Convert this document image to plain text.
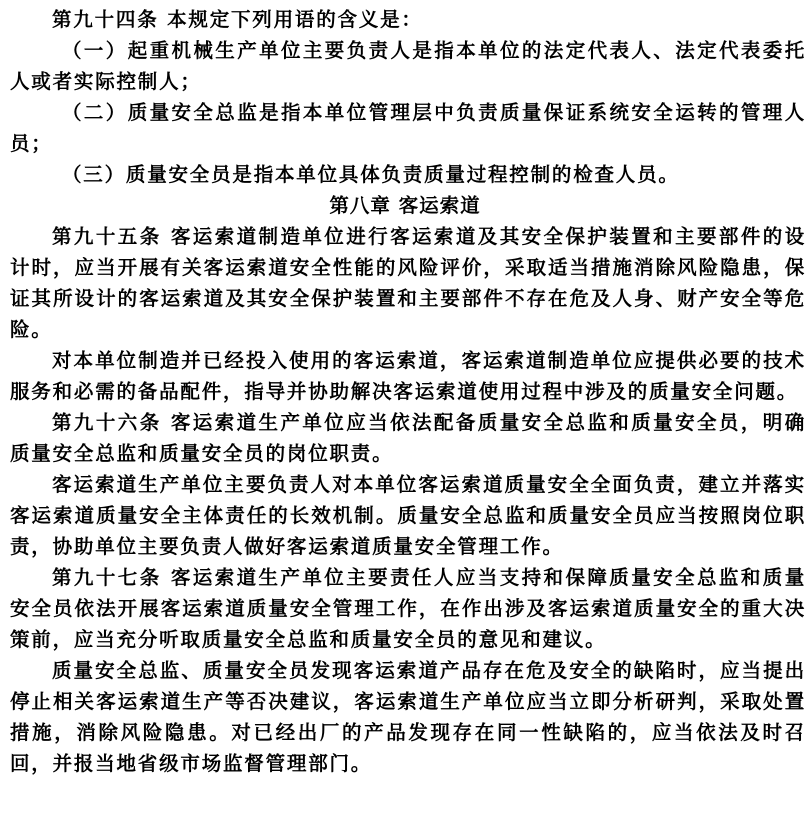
第九十四条 本规定下列用语的含义是：

（一）起重机械生产单位主要负责人是指本单位的法定代表人、法定代表委托人或者实际控制人；

（二）质量安全总监是指本单位管理层中负责质量保证系统安全运转的管理人员；

（三）质量安全员是指本单位具体负责质量过程控制的检查人员。

第八章 客运索道

第九十五条 客运索道制造单位进行客运索道及其安全保护装置和主要部件的设计时，应当开展有关客运索道安全性能的风险评价，采取适当措施消除风险隐患，保证其所设计的客运索道及其安全保护装置和主要部件不存在危及人身、财产安全等危险。

对本单位制造并已经投入使用的客运索道，客运索道制造单位应提供必要的技术服务和必需的备品配件，指导并协助解决客运索道使用过程中涉及的质量安全问题。

第九十六条 客运索道生产单位应当依法配备质量安全总监和质量安全员，明确质量安全总监和质量安全员的岗位职责。

客运索道生产单位主要负责人对本单位客运索道质量安全全面负责，建立并落实客运索道质量安全主体责任的长效机制。质量安全总监和质量安全员应当按照岗位职责，协助单位主要负责人做好客运索道质量安全管理工作。

第九十七条 客运索道生产单位主要责任人应当支持和保障质量安全总监和质量安全员依法开展客运索道质量安全管理工作，在作出涉及客运索道质量安全的重大决策前，应当充分听取质量安全总监和质量安全员的意见和建议。

质量安全总监、质量安全员发现客运索道产品存在危及安全的缺陷时，应当提出停止相关客运索道生产等否决建议，客运索道生产单位应当立即分析研判，采取处置措施，消除风险隐患。对已经出厂的产品发现存在同一性缺陷的，应当依法及时召回，并报当地省级市场监督管理部门。
